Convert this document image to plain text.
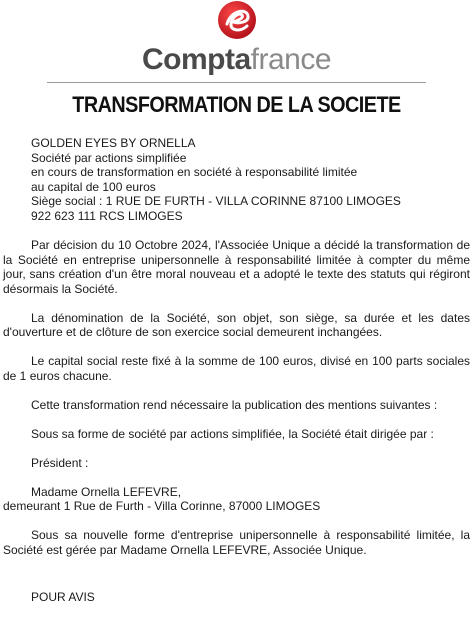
Comptafrance
TRANSFORMATION DE LA SOCIETE
GOLDEN EYES BY ORNELLA
Société par actions simplifiée
en cours de transformation en société à responsabilité limitée
au capital de 100 euros
Siège social : 1 RUE DE FURTH - VILLA CORINNE 87100 LIMOGES
922 623 111 RCS LIMOGES

Par décision du 10 Octobre 2024, l'Associée Unique a décidé la transformation de la Société en entreprise unipersonnelle à responsabilité limitée à compter du même jour, sans création d'un être moral nouveau et a adopté le texte des statuts qui régiront désormais la Société.

La dénomination de la Société, son objet, son siège, sa durée et les dates d'ouverture et de clôture de son exercice social demeurent inchangées.

Le capital social reste fixé à la somme de 100 euros, divisé en 100 parts sociales de 1 euros chacune.

Cette transformation rend nécessaire la publication des mentions suivantes :

Sous sa forme de société par actions simplifiée, la Société était dirigée par :

Président :

Madame Ornella LEFEVRE,
demeurant 1 Rue de Furth - Villa Corinne, 87000 LIMOGES

Sous sa nouvelle forme d'entreprise unipersonnelle à responsabilité limitée, la Société est gérée par Madame Ornella LEFEVRE, Associée Unique.

POUR AVIS
